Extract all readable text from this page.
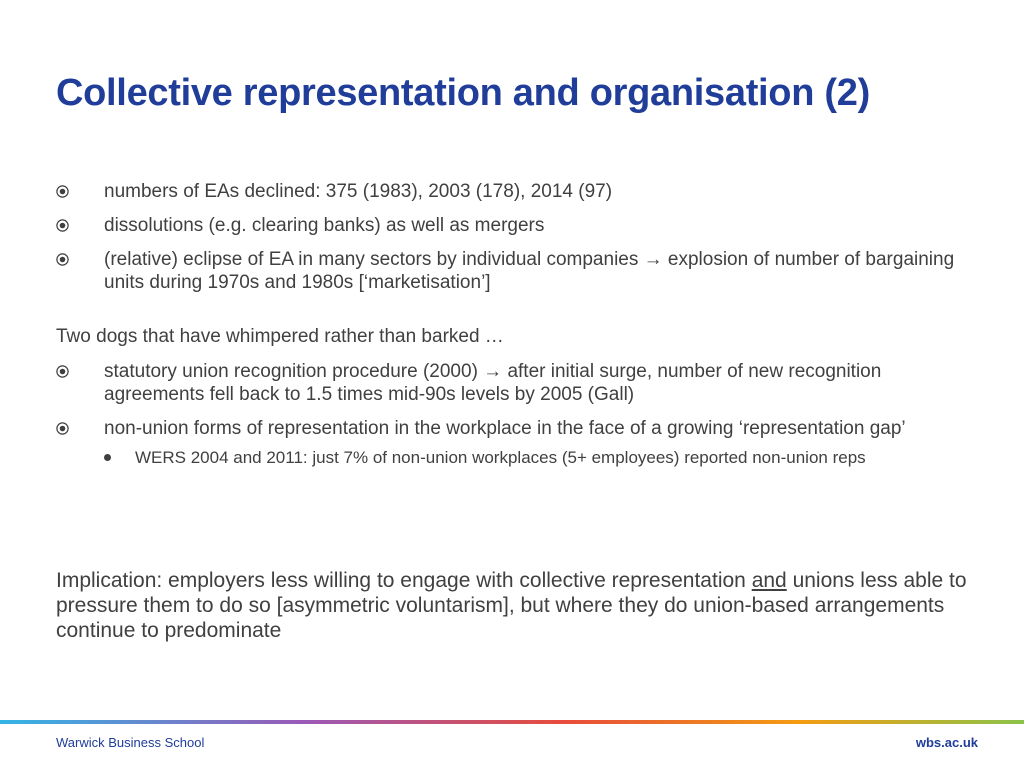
Collective representation and organisation (2)
numbers of EAs declined: 375 (1983), 2003 (178), 2014 (97)
dissolutions (e.g. clearing banks) as well as mergers
(relative) eclipse of EA in many sectors by individual companies → explosion of number of bargaining units during 1970s and 1980s [‘marketisation’]
Two dogs that have whimpered rather than barked …
statutory union recognition procedure (2000) → after initial surge, number of new recognition agreements fell back to 1.5 times mid-90s levels by 2005 (Gall)
non-union forms of representation in the workplace in the face of a growing ‘representation gap’
WERS 2004 and 2011: just 7% of non-union workplaces (5+ employees) reported non-union reps
Implication: employers less willing to engage with collective representation and unions less able to pressure them to do so [asymmetric voluntarism], but where they do union-based arrangements continue to predominate
Warwick Business School	wbs.ac.uk
